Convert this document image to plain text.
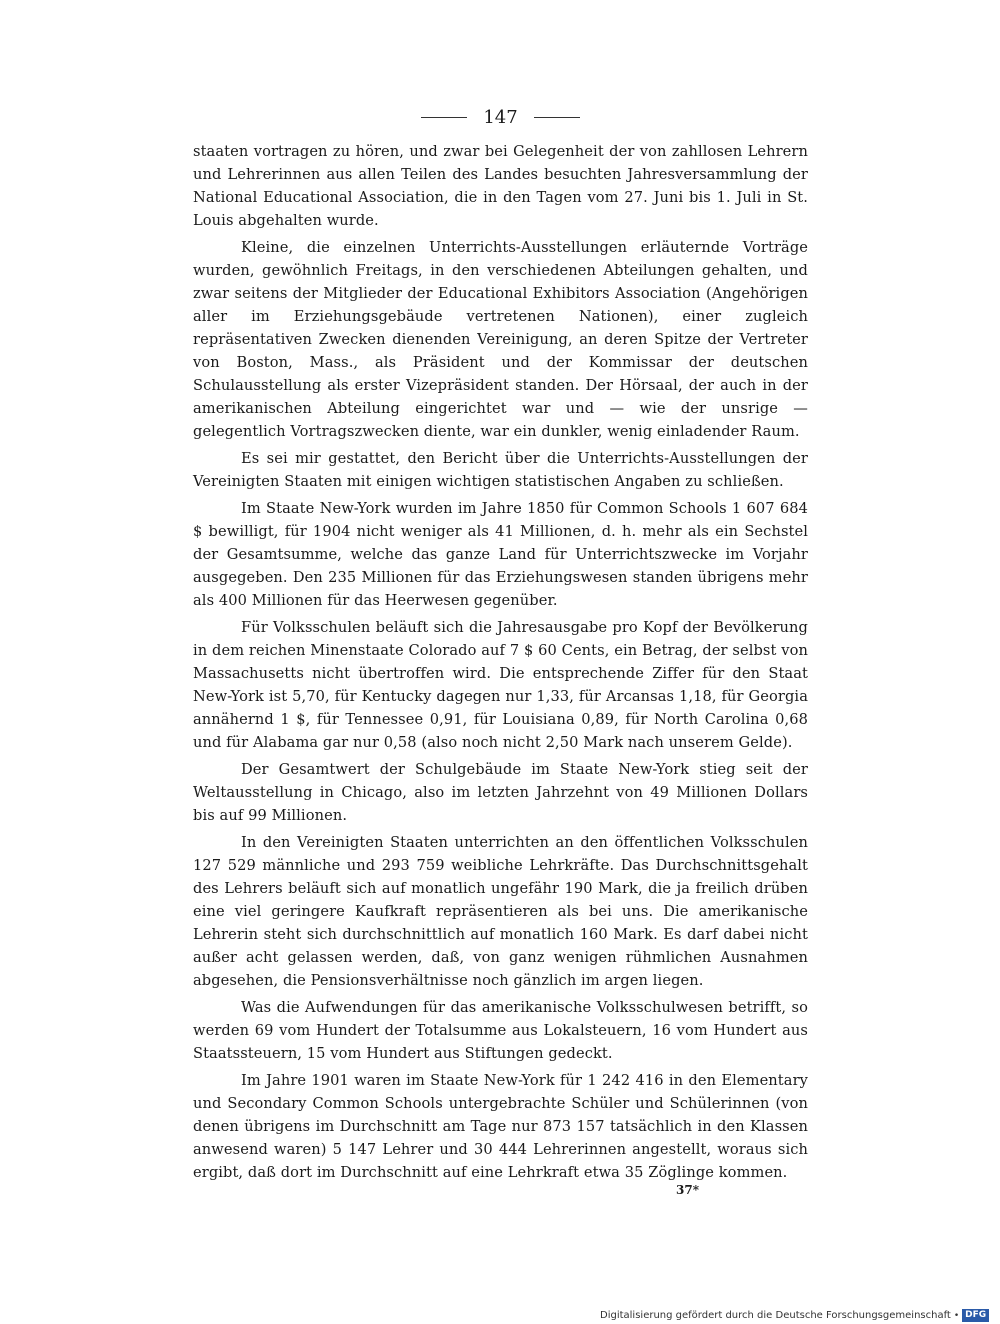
147

staaten vortragen zu hören, und zwar bei Gelegenheit der von zahllosen Lehrern und Lehrerinnen aus allen Teilen des Landes besuchten Jahresversammlung der National Educational Association, die in den Tagen vom 27. Juni bis 1. Juli in St. Louis abgehalten wurde.

Kleine, die einzelnen Unterrichts-Ausstellungen erläuternde Vorträge wurden, gewöhnlich Freitags, in den verschiedenen Abteilungen gehalten, und zwar seitens der Mitglieder der Educational Exhibitors Association (Angehörigen aller im Erziehungsgebäude vertretenen Nationen), einer zugleich repräsentativen Zwecken dienenden Vereinigung, an deren Spitze der Vertreter von Boston, Mass., als Präsident und der Kommissar der deutschen Schulausstellung als erster Vizepräsident standen. Der Hörsaal, der auch in der amerikanischen Abteilung eingerichtet war und — wie der unsrige — gelegentlich Vortragszwecken diente, war ein dunkler, wenig einladender Raum.

Es sei mir gestattet, den Bericht über die Unterrichts-Ausstellungen der Vereinigten Staaten mit einigen wichtigen statistischen Angaben zu schließen.

Im Staate New-York wurden im Jahre 1850 für Common Schools 1 607 684 $ bewilligt, für 1904 nicht weniger als 41 Millionen, d. h. mehr als ein Sechstel der Gesamtsumme, welche das ganze Land für Unterrichtszwecke im Vorjahr ausgegeben. Den 235 Millionen für das Erziehungswesen standen übrigens mehr als 400 Millionen für das Heerwesen gegenüber.

Für Volksschulen beläuft sich die Jahresausgabe pro Kopf der Bevölkerung in dem reichen Minenstaate Colorado auf 7 $ 60 Cents, ein Betrag, der selbst von Massachusetts nicht übertroffen wird. Die entsprechende Ziffer für den Staat New-York ist 5,70, für Kentucky dagegen nur 1,33, für Arcansas 1,18, für Georgia annähernd 1 $, für Tennessee 0,91, für Louisiana 0,89, für North Carolina 0,68 und für Alabama gar nur 0,58 (also noch nicht 2,50 Mark nach unserem Gelde).

Der Gesamtwert der Schulgebäude im Staate New-York stieg seit der Weltausstellung in Chicago, also im letzten Jahrzehnt von 49 Millionen Dollars bis auf 99 Millionen.

In den Vereinigten Staaten unterrichten an den öffentlichen Volksschulen 127 529 männliche und 293 759 weibliche Lehrkräfte. Das Durchschnittsgehalt des Lehrers beläuft sich auf monatlich ungefähr 190 Mark, die ja freilich drüben eine viel geringere Kaufkraft repräsentieren als bei uns. Die amerikanische Lehrerin steht sich durchschnittlich auf monatlich 160 Mark. Es darf dabei nicht außer acht gelassen werden, daß, von ganz wenigen rühmlichen Ausnahmen abgesehen, die Pensionsverhältnisse noch gänzlich im argen liegen.

Was die Aufwendungen für das amerikanische Volksschulwesen betrifft, so werden 69 vom Hundert der Totalsumme aus Lokalsteuern, 16 vom Hundert aus Staatssteuern, 15 vom Hundert aus Stiftungen gedeckt.

Im Jahre 1901 waren im Staate New-York für 1 242 416 in den Elementary und Secondary Common Schools untergebrachte Schüler und Schülerinnen (von denen übrigens im Durchschnitt am Tage nur 873 157 tatsächlich in den Klassen anwesend waren) 5 147 Lehrer und 30 444 Lehrerinnen angestellt, woraus sich ergibt, daß dort im Durchschnitt auf eine Lehrkraft etwa 35 Zöglinge kommen.

37*
Digitalisierung gefördert durch die Deutsche Forschungsgemeinschaft • DFG
